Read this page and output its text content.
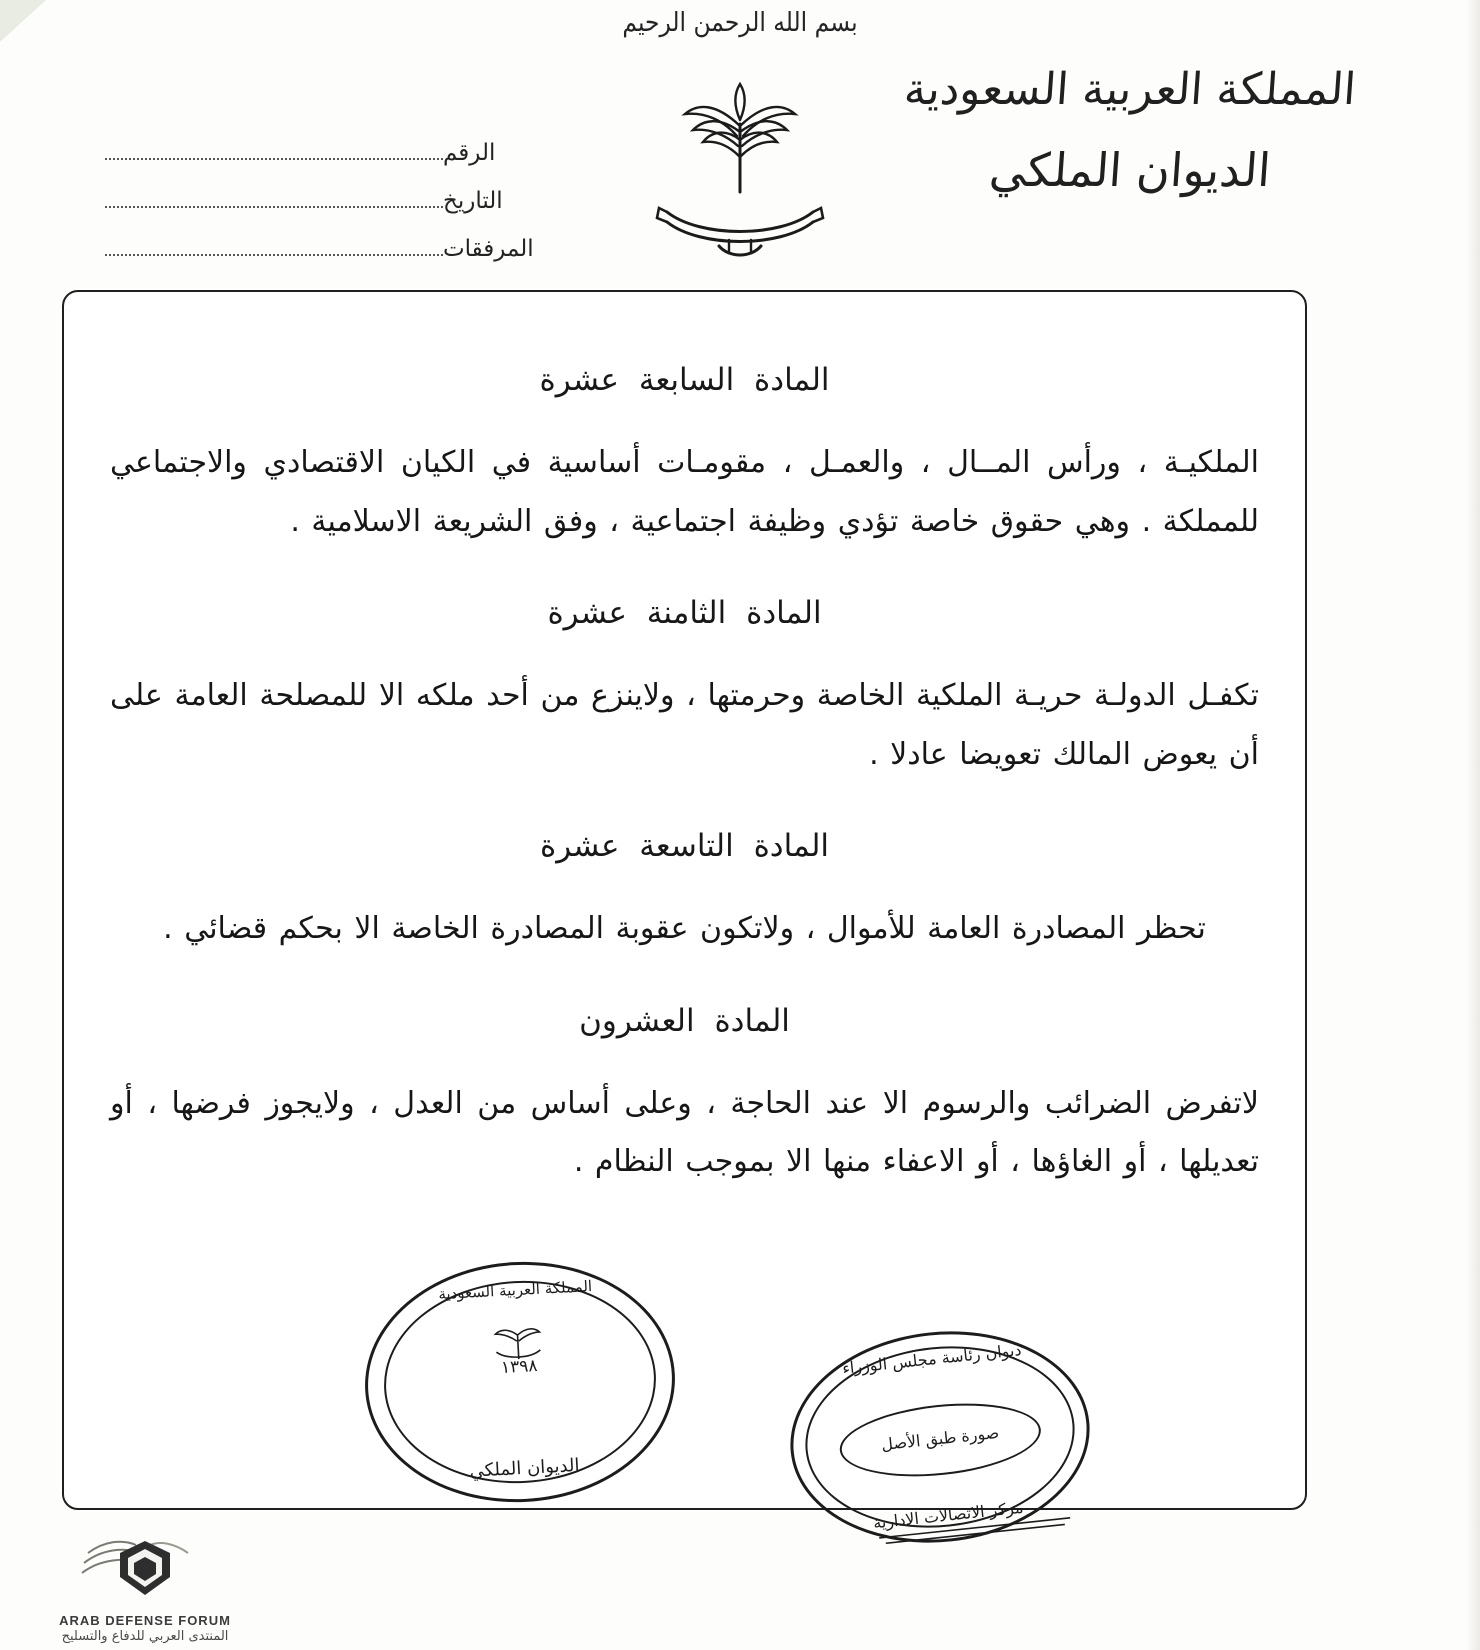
بسم الله الرحمن الرحيم
المملكة العربية السعودية
الديوان الملكي
الرقم
التاريخ
المرفقات
المادة السابعة عشرة
الملكيـة ، ورأس المــال ، والعمـل ، مقومـات أساسية في الكيان الاقتصادي والاجتماعي للمملكة . وهي حقوق خاصة تؤدي وظيفة اجتماعية ، وفق الشريعة الاسلامية .
المادة الثامنة عشرة
تكفـل الدولـة حريـة الملكية الخاصة وحرمتها ، ولاينزع من أحد ملكه الا للمصلحة العامة على أن يعوض المالك تعويضا عادلا .
المادة التاسعة عشرة
تحظر المصادرة العامة للأموال ، ولاتكون عقوبة المصادرة الخاصة الا بحكم قضائي .
المادة العشرون
لاتفرض الضرائب والرسوم الا عند الحاجة ، وعلى أساس من العدل ، ولايجوز فرضها ، أو تعديلها ، أو الغاؤها ، أو الاعفاء منها الا بموجب النظام .
المملكة العربية السعودية
١٣٩٨
الديوان الملكي
ديوان رئاسة مجلس الوزراء
صورة طبق الأصل
مركز الاتصالات الادارية
ARAB DEFENSE FORUM
المنتدى العربي للدفاع والتسليح
